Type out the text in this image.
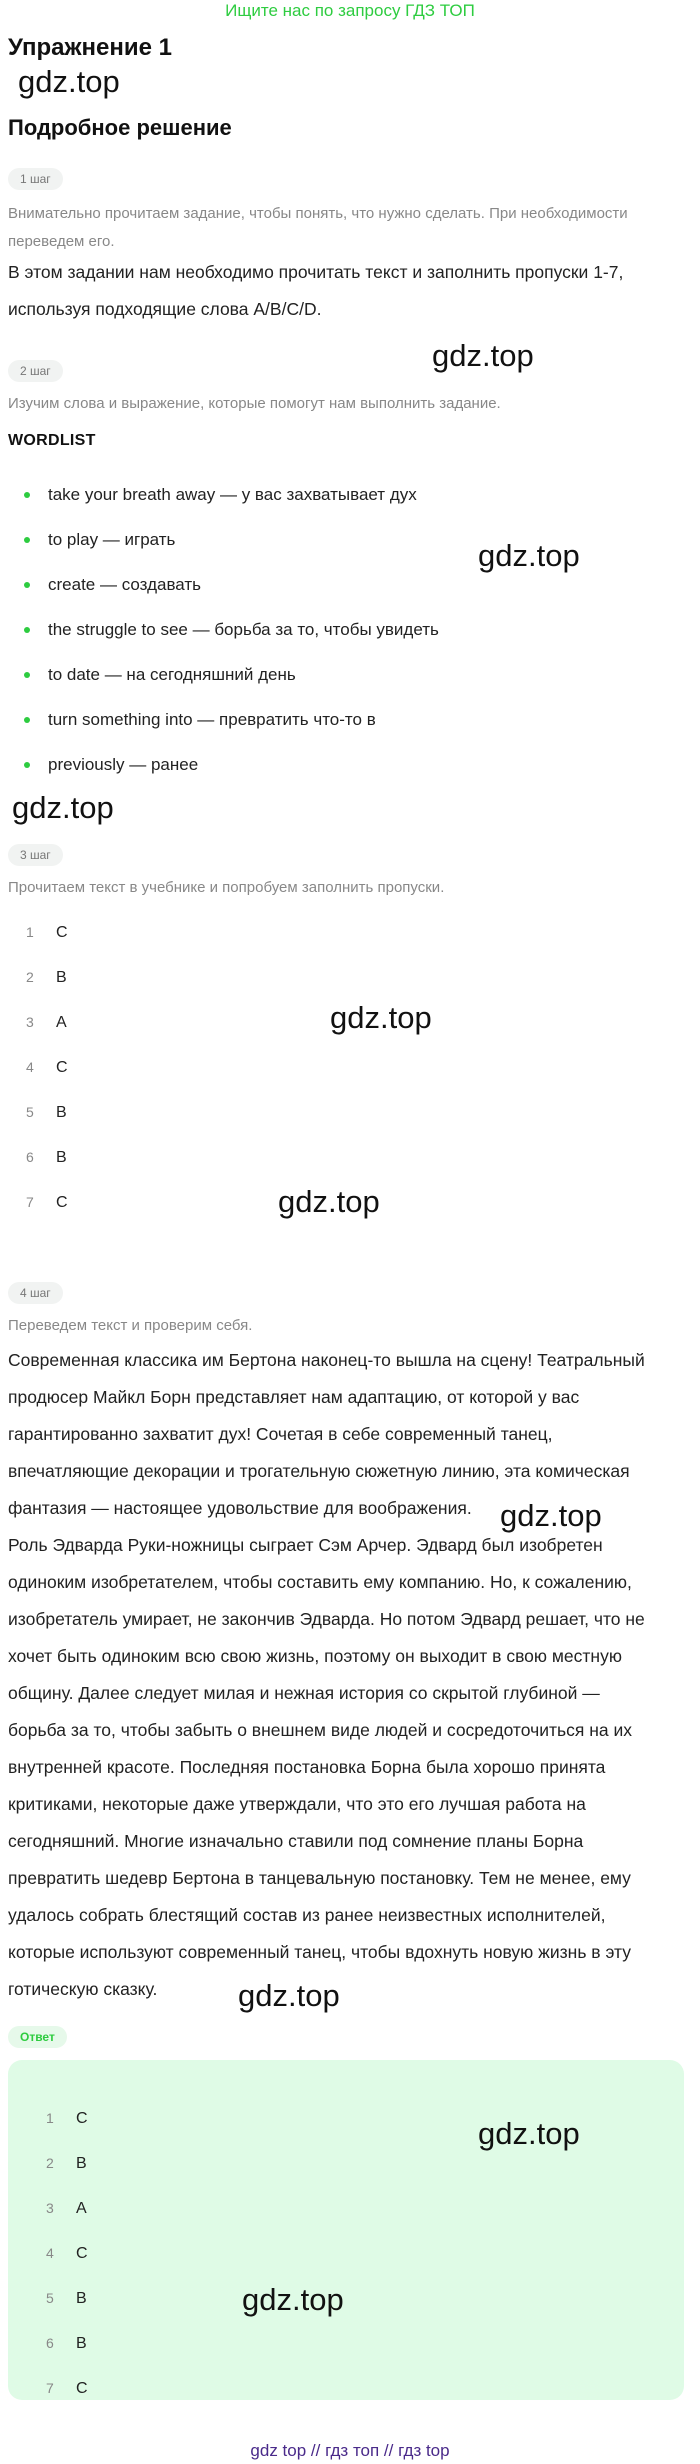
Ищите нас по запросу ГДЗ ТОП
Упражнение 1
gdz.top
Подробное решение
1 шаг
Внимательно прочитаем задание, чтобы понять, что нужно сделать. При необходимости переведем его.
В этом задании нам необходимо прочитать текст и заполнить пропуски 1-7, используя подходящие слова A/B/C/D.
gdz.top
2 шаг
Изучим слова и выражение, которые помогут нам выполнить задание.
WORDLIST
take your breath away — у вас захватывает дух
to play — играть
create — создавать
the struggle to see — борьба за то, чтобы увидеть
to date — на сегодняшний день
turn something into — превратить что-то в
previously — ранее
gdz.top
gdz.top
3 шаг
Прочитаем текст в учебнике и попробуем заполнить пропуски.
1 C
2 B
3 A
4 C
5 B
6 B
7 C
gdz.top
gdz.top
4 шаг
Переведем текст и проверим себя.
Современная классика им Бертона наконец-то вышла на сцену! Театральный
продюсер Майкл Борн представляет нам адаптацию, от которой у вас
гарантированно захватит дух! Сочетая в себе современный танец,
впечатляющие декорации и трогательную сюжетную линию, эта комическая
фантазия — настоящее удовольствие для воображения.
Роль Эдварда Руки-ножницы сыграет Сэм Арчер. Эдвард был изобретен
одиноким изобретателем, чтобы составить ему компанию. Но, к сожалению,
изобретатель умирает, не закончив Эдварда. Но потом Эдвард решает, что не
хочет быть одиноким всю свою жизнь, поэтому он выходит в свою местную
общину. Далее следует милая и нежная история со скрытой глубиной —
борьба за то, чтобы забыть о внешнем виде людей и сосредоточиться на их
внутренней красоте. Последняя постановка Борна была хорошо принята
критиками, некоторые даже утверждали, что это его лучшая работа на
сегодняшний. Многие изначально ставили под сомнение планы Борна
превратить шедевр Бертона в танцевальную постановку. Тем не менее, ему
удалось собрать блестящий состав из ранее неизвестных исполнителей,
которые используют современный танец, чтобы вдохнуть новую жизнь в эту
готическую сказку.
gdz.top
gdz.top
Ответ
1 C
2 B
3 A
4 C
5 B
6 B
7 C
gdz.top
gdz.top
gdz top // гдз топ // гдз top
